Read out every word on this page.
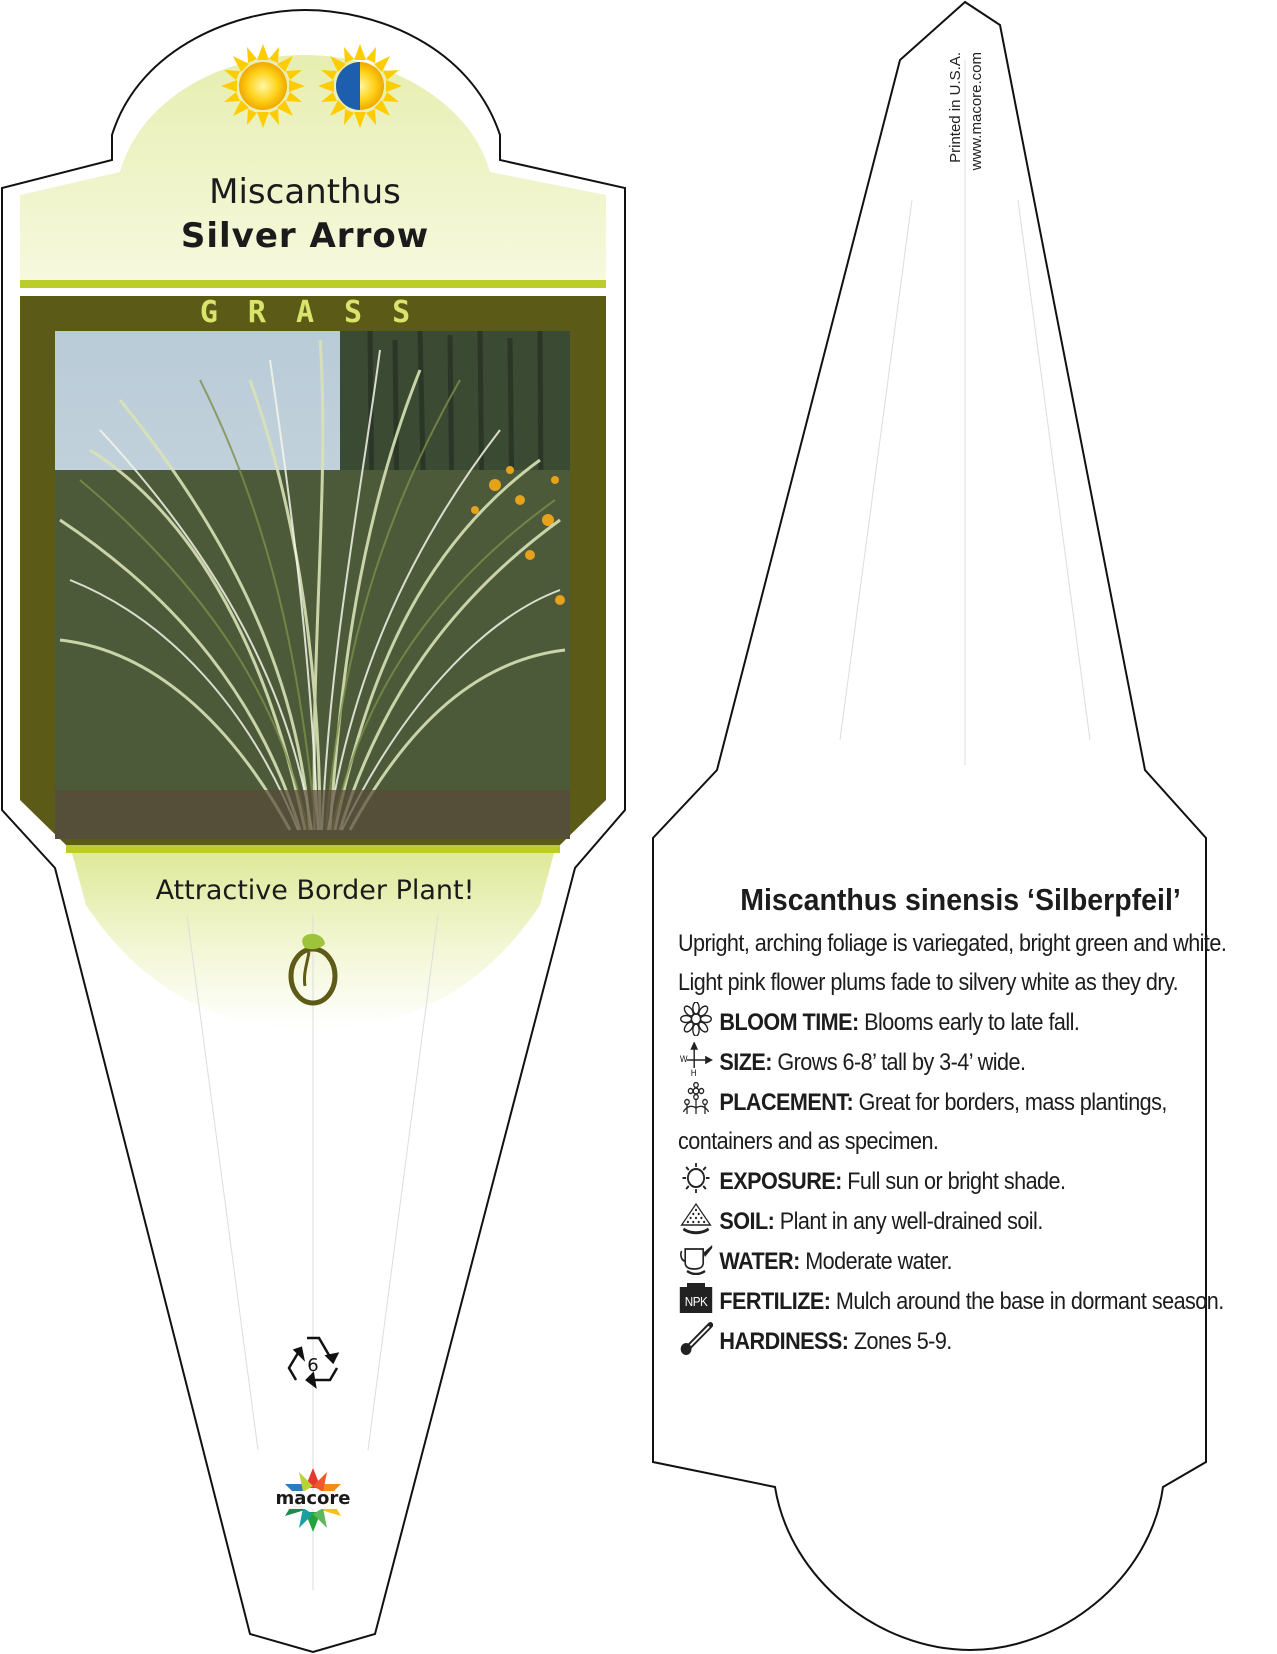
Miscanthus
Silver Arrow
GRASS
Attractive Border Plant!
6
macore
Printed in U.S.A. www.macore.com
Miscanthus sinensis ‘Silberpfeil’
Upright, arching foliage is variegated, bright green and white. Light pink flower plums fade to silvery white as they dry.
BLOOM TIME: Blooms early to late fall.
W
H SIZE: Grows 6-8’ tall by 3-4’ wide.
PLACEMENT: Great for borders, mass plantings, containers and as specimen.
EXPOSURE: Full sun or bright shade.
SOIL: Plant in any well-drained soil.
WATER: Moderate water.
NPK FERTILIZE: Mulch around the base in dormant season.
HARDINESS: Zones 5-9.
